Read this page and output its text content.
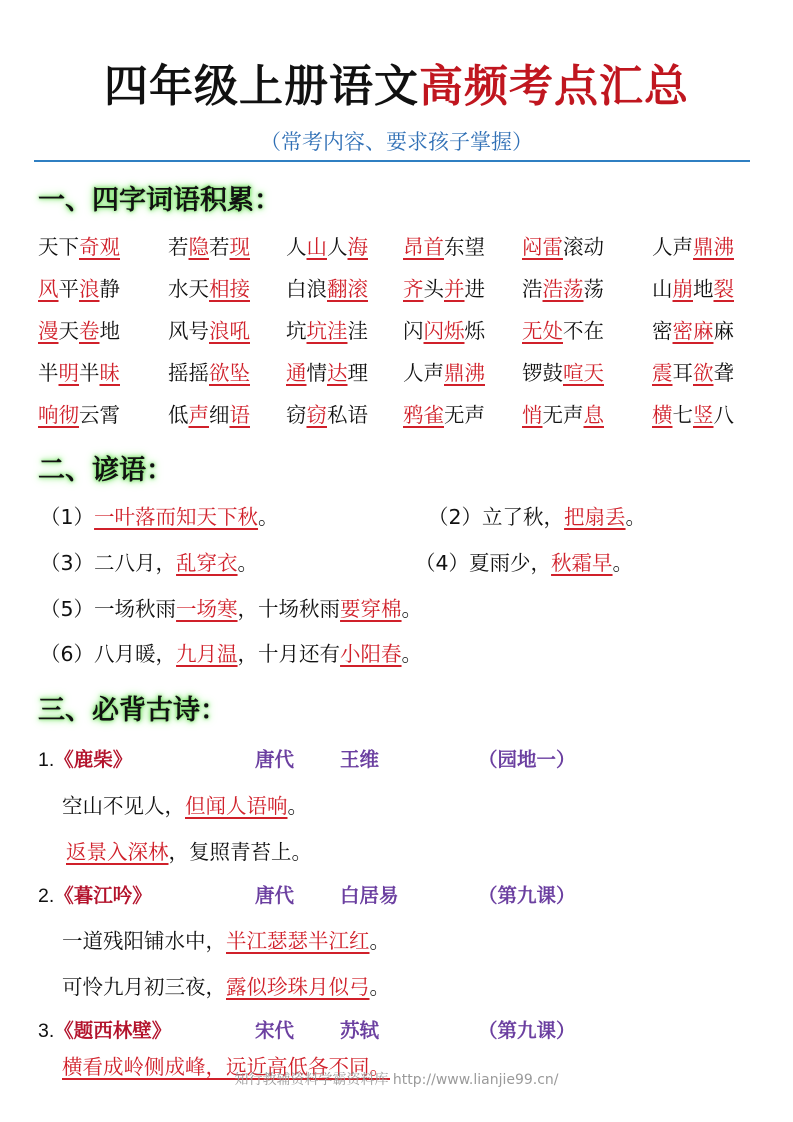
四年级上册语文高频考点汇总
（常考内容、要求孩子掌握）
一、四字词语积累：
天下奇观 若隐若现 人山人海 昂首东望 闷雷滚动 人声鼎沸
风平浪静 水天相接 白浪翻滚 齐头并进 浩浩荡荡 山崩地裂
漫天卷地 风号浪吼 坑坑洼洼 闪闪烁烁 无处不在 密密麻麻
半明半昧 摇摇欲坠 通情达理 人声鼎沸 锣鼓喧天 震耳欲聋
响彻云霄 低声细语 窃窃私语 鸦雀无声 悄无声息 横七竖八
二、谚语：
（1）一叶落而知天下秋。	（2）立了秋，把扇丢。
（3）二八月，乱穿衣。	（4）夏雨少，秋霜早。
（5）一场秋雨一场寒，十场秋雨要穿棉。
（6）八月暖，九月温，十月还有小阳春。
三、必背古诗：
1.《鹿柴》	唐代 王维	（园地一）
空山不见人，但闻人语响。
返景入深林，复照青苔上。
2.《暮江吟》	唐代 白居易	（第九课）
一道残阳铺水中，半江瑟瑟半江红。
可怜九月初三夜，露似珍珠月似弓。
3.《题西林壁》	宋代 苏轼	（第九课）
横看成岭侧成峰，远近高低各不同。
知行教辅资料学霸资料库 http://www.lianjie99.cn/
